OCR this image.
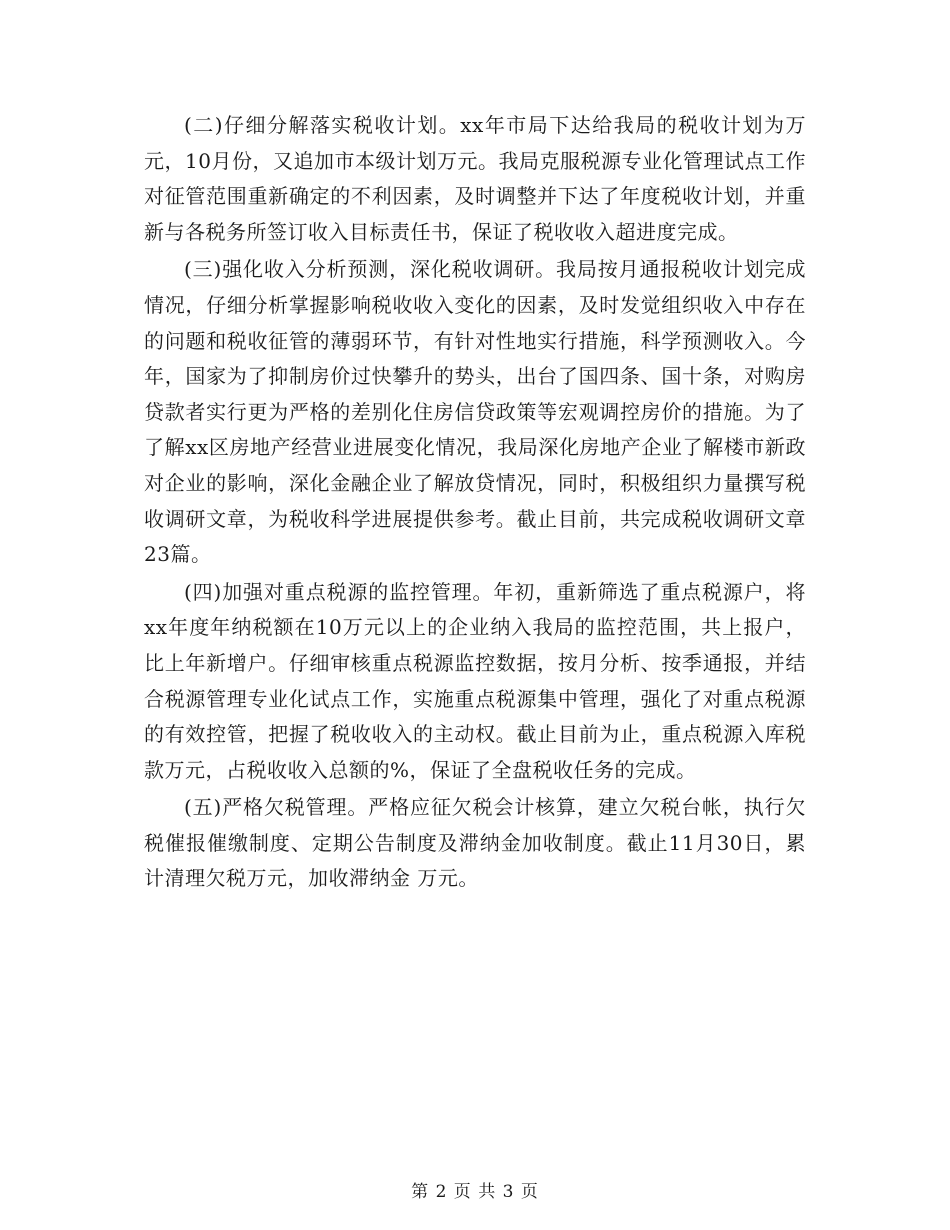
(二)仔细分解落实税收计划。xx年市局下达给我局的税收计划为万元，10月份，又追加市本级计划万元。我局克服税源专业化管理试点工作对征管范围重新确定的不利因素，及时调整并下达了年度税收计划，并重新与各税务所签订收入目标责任书，保证了税收收入超进度完成。

(三)强化收入分析预测，深化税收调研。我局按月通报税收计划完成情况，仔细分析掌握影响税收收入变化的因素，及时发觉组织收入中存在的问题和税收征管的薄弱环节，有针对性地实行措施，科学预测收入。今年，国家为了抑制房价过快攀升的势头，出台了国四条、国十条，对购房贷款者实行更为严格的差别化住房信贷政策等宏观调控房价的措施。为了了解xx区房地产经营业进展变化情况，我局深化房地产企业了解楼市新政对企业的影响，深化金融企业了解放贷情况，同时，积极组织力量撰写税收调研文章，为税收科学进展提供参考。截止目前，共完成税收调研文章23篇。

(四)加强对重点税源的监控管理。年初，重新筛选了重点税源户，将xx年度年纳税额在10万元以上的企业纳入我局的监控范围，共上报户，比上年新增户。仔细审核重点税源监控数据，按月分析、按季通报，并结合税源管理专业化试点工作，实施重点税源集中管理，强化了对重点税源的有效控管，把握了税收收入的主动权。截止目前为止，重点税源入库税款万元，占税收收入总额的%，保证了全盘税收任务的完成。

(五)严格欠税管理。严格应征欠税会计核算，建立欠税台帐，执行欠税催报催缴制度、定期公告制度及滞纳金加收制度。截止11月30日，累计清理欠税万元，加收滞纳金 万元。

第 2 页 共 3 页
